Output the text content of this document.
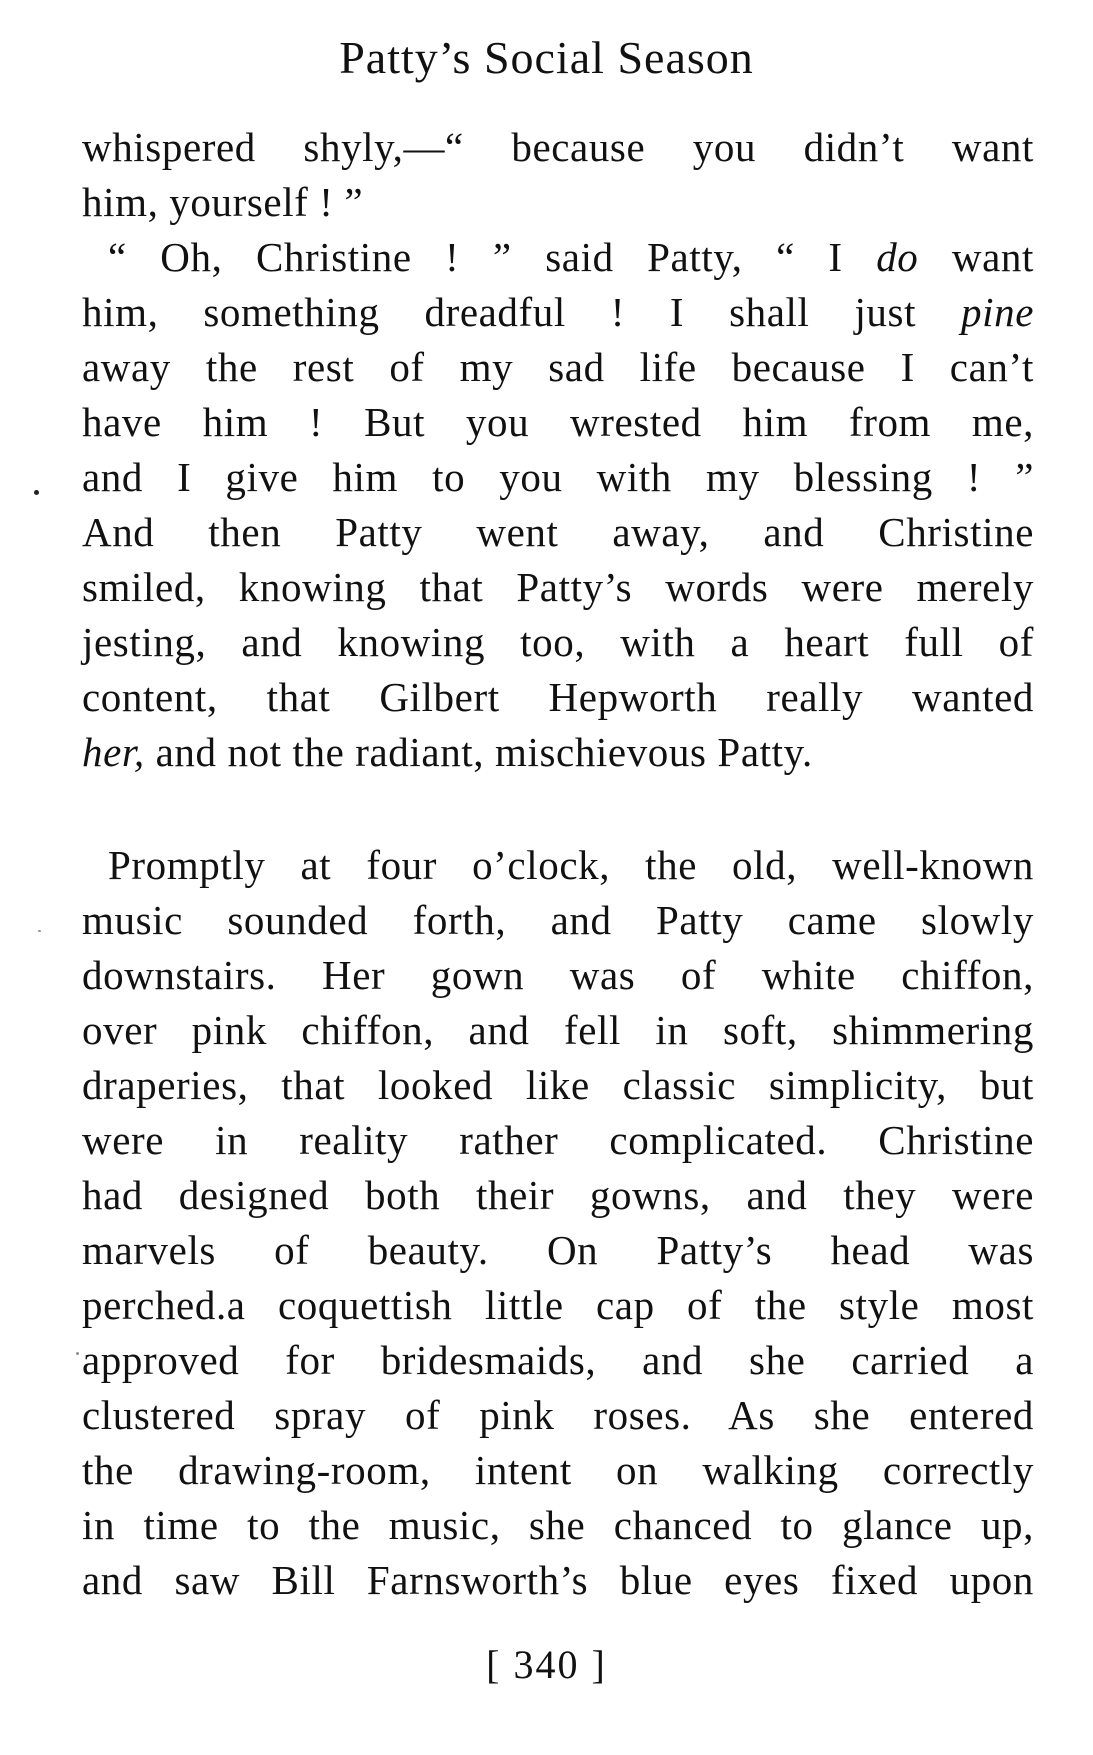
Patty’s Social Season
whispered shyly,—“ because you didn’t want
him, yourself ! ”
“ Oh, Christine ! ” said Patty, “ I do want
him, something dreadful ! I shall just pine
away the rest of my sad life because I can’t
have him ! But you wrested him from me,
and I give him to you with my blessing ! ”
And then Patty went away, and Christine
smiled, knowing that Patty’s words were merely
jesting, and knowing too, with a heart full of
content, that Gilbert Hepworth really wanted
her, and not the radiant, mischievous Patty.
Promptly at four o’clock, the old, well-known
music sounded forth, and Patty came slowly
downstairs. Her gown was of white chiffon,
over pink chiffon, and fell in soft, shimmering
draperies, that looked like classic simplicity, but
were in reality rather complicated. Christine
had designed both their gowns, and they were
marvels of beauty. On Patty’s head was
perched.a coquettish little cap of the style most
approved for bridesmaids, and she carried a
clustered spray of pink roses. As she entered
the drawing-room, intent on walking correctly
in time to the music, she chanced to glance up,
and saw Bill Farnsworth’s blue eyes fixed upon
[ 340 ]
